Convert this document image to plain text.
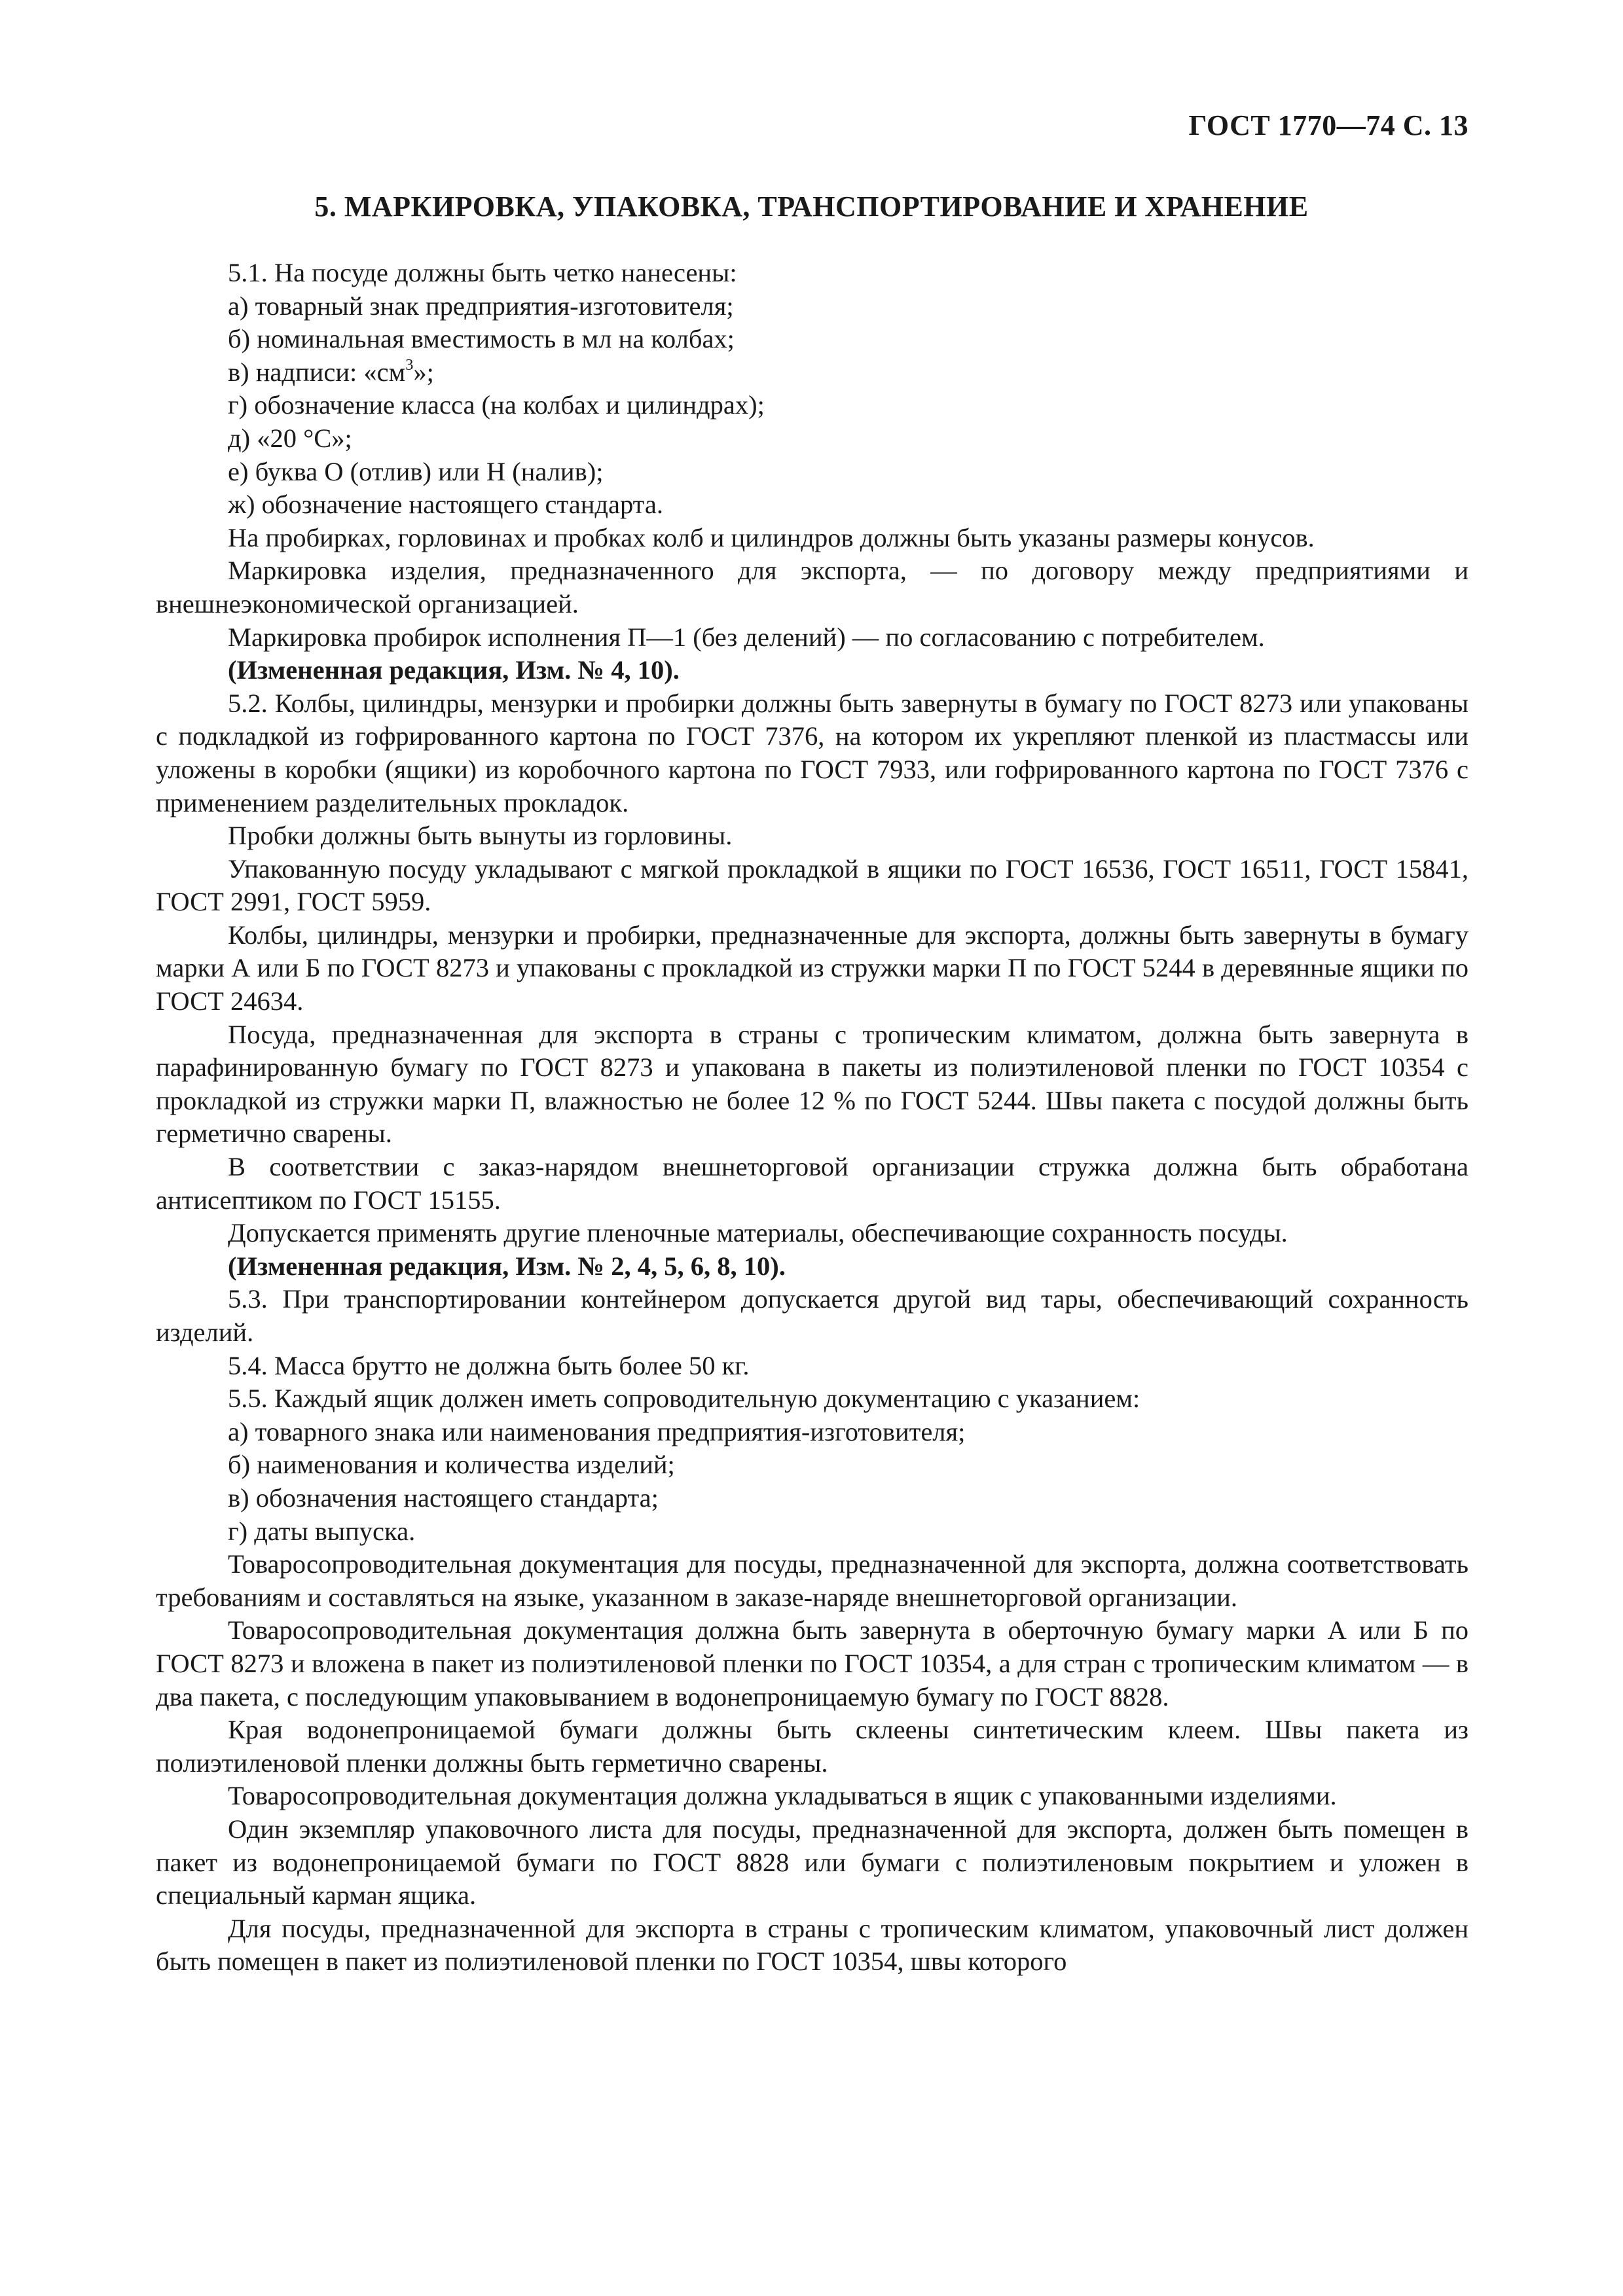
ГОСТ 1770—74 С. 13
5. МАРКИРОВКА, УПАКОВКА, ТРАНСПОРТИРОВАНИЕ И ХРАНЕНИЕ

5.1. На посуде должны быть четко нанесены:

а) товарный знак предприятия-изготовителя;

б) номинальная вместимость в мл на колбах;

в) надписи: «$см^3$»;

г) обозначение класса (на колбах и цилиндрах);

д) «20 °С»;

е) буква О (отлив) или Н (налив);

ж) обозначение настоящего стандарта.

На пробирках, горловинах и пробках колб и цилиндров должны быть указаны размеры конусов.

Маркировка изделия, предназначенного для экспорта, — по договору между предприятиями и внешнеэкономической организацией.

Маркировка пробирок исполнения П—1 (без делений) — по согласованию с потребителем.

(Измененная редакция, Изм. № 4, 10).

5.2. Колбы, цилиндры, мензурки и пробирки должны быть завернуты в бумагу по ГОСТ 8273 или упакованы с подкладкой из гофрированного картона по ГОСТ 7376, на котором их укрепляют пленкой из пластмассы или уложены в коробки (ящики) из коробочного картона по ГОСТ 7933, или гофрированного картона по ГОСТ 7376 с применением разделительных прокладок.

Пробки должны быть вынуты из горловины.

Упакованную посуду укладывают с мягкой прокладкой в ящики по ГОСТ 16536, ГОСТ 16511, ГОСТ 15841, ГОСТ 2991, ГОСТ 5959.

Колбы, цилиндры, мензурки и пробирки, предназначенные для экспорта, должны быть завернуты в бумагу марки А или Б по ГОСТ 8273 и упакованы с прокладкой из стружки марки П по ГОСТ 5244 в деревянные ящики по ГОСТ 24634.

Посуда, предназначенная для экспорта в страны с тропическим климатом, должна быть завернута в парафинированную бумагу по ГОСТ 8273 и упакована в пакеты из полиэтиленовой пленки по ГОСТ 10354 с прокладкой из стружки марки П, влажностью не более 12 % по ГОСТ 5244. Швы пакета с посудой должны быть герметично сварены.

В соответствии с заказ-нарядом внешнеторговой организации стружка должна быть обработана антисептиком по ГОСТ 15155.

Допускается применять другие пленочные материалы, обеспечивающие сохранность посуды.

(Измененная редакция, Изм. № 2, 4, 5, 6, 8, 10).

5.3. При транспортировании контейнером допускается другой вид тары, обеспечивающий сохранность изделий.

5.4. Масса брутто не должна быть более 50 кг.

5.5. Каждый ящик должен иметь сопроводительную документацию с указанием:

а) товарного знака или наименования предприятия-изготовителя;

б) наименования и количества изделий;

в) обозначения настоящего стандарта;

г) даты выпуска.

Товаросопроводительная документация для посуды, предназначенной для экспорта, должна соответствовать требованиям и составляться на языке, указанном в заказе-наряде внешнеторговой организации.

Товаросопроводительная документация должна быть завернута в оберточную бумагу марки А или Б по ГОСТ 8273 и вложена в пакет из полиэтиленовой пленки по ГОСТ 10354, а для стран с тропическим климатом — в два пакета, с последующим упаковыванием в водонепроницаемую бумагу по ГОСТ 8828.

Края водонепроницаемой бумаги должны быть склеены синтетическим клеем. Швы пакета из полиэтиленовой пленки должны быть герметично сварены.

Товаросопроводительная документация должна укладываться в ящик с упакованными изделиями.

Один экземпляр упаковочного листа для посуды, предназначенной для экспорта, должен быть помещен в пакет из водонепроницаемой бумаги по ГОСТ 8828 или бумаги с полиэтиленовым покрытием и уложен в специальный карман ящика.

Для посуды, предназначенной для экспорта в страны с тропическим климатом, упаковочный лист должен быть помещен в пакет из полиэтиленовой пленки по ГОСТ 10354, швы которого
